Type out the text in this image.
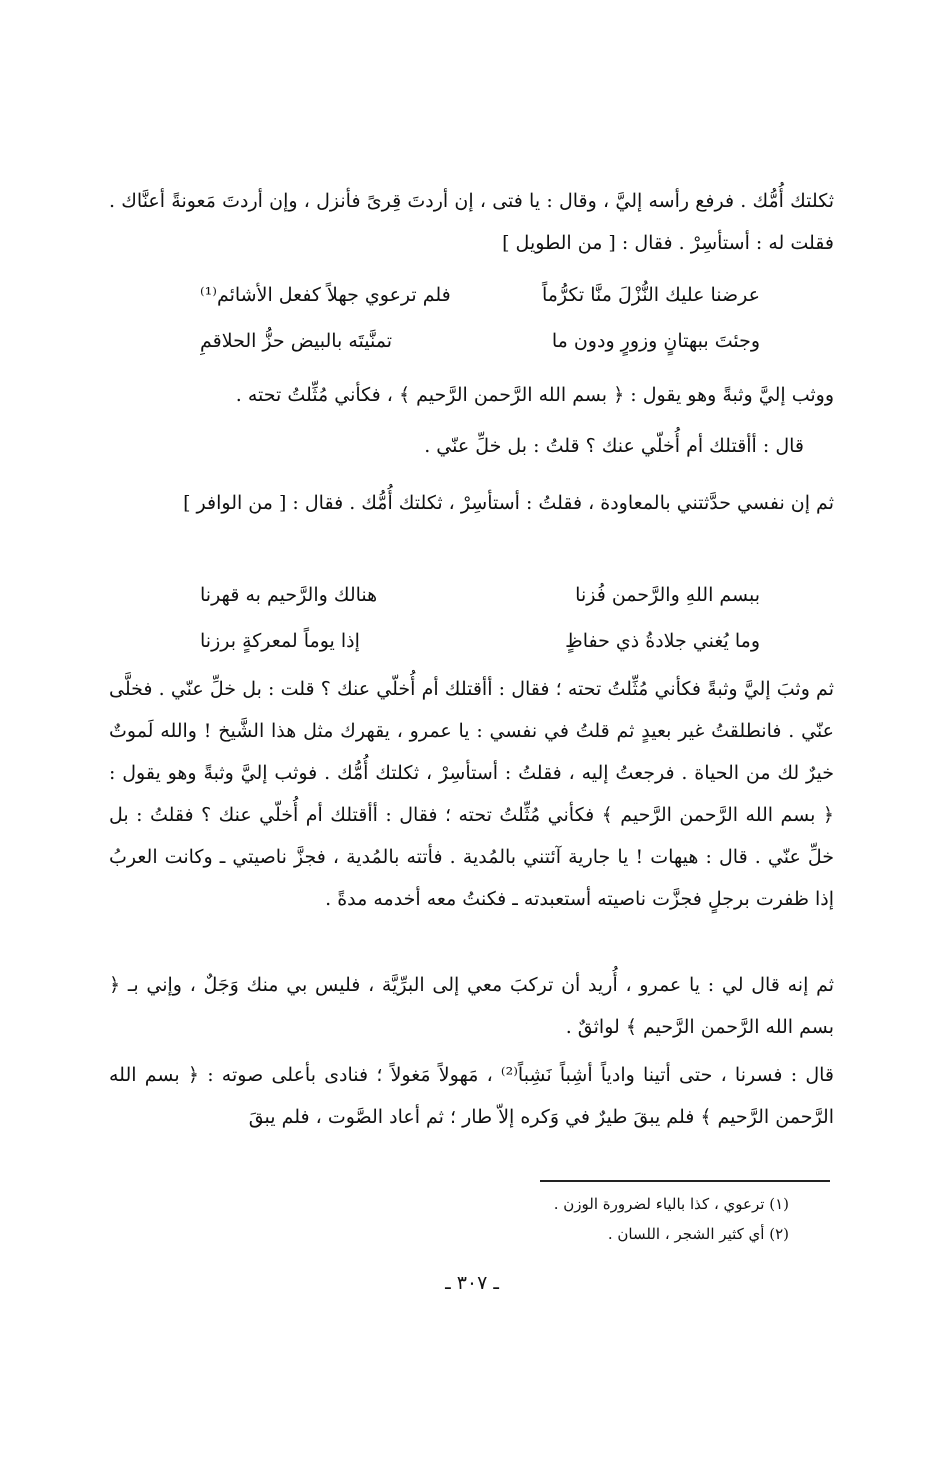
ثكلتك أُمُّك . فرفع رأسه إليَّ ، وقال : يا فتى ، إن أردتَ قِرىً فأنزل ، وإن أردتَ مَعونةً أعنَّاك . فقلت له : أستأسِرْ . فقال : [ من الطويل ]

عرضنا عليك النُّزْلَ منَّا تكرُّماً
فلم ترعوي جهلاً كفعل الأشائم⁽¹⁾
وجئتَ ببهتانٍ وزورٍ ودون ما
تمنَّيتَه بالبيض حزُّ الحلاقمِ

ووثب إليَّ وثبةً وهو يقول : ﴿ بسم الله الرَّحمن الرَّحيم ﴾ ، فكأني مُثِّلتُ تحته .

قال : أأقتلك أم أُخلّي عنك ؟ قلتُ : بل خلِّ عنّي .

ثم إن نفسي حدَّثتني بالمعاودة ، فقلتُ : أستأسِرْ ، ثكلتك أُمُّك . فقال : [ من الوافر ]

ببسم اللهِ والرَّحمن فُزنا
هنالك والرَّحيم به قهرنا
وما يُغني جلادةُ ذي حفاظٍ
إذا يوماً لمعركةٍ برزنا

ثم وثبَ إليَّ وثبةً فكأني مُثِّلتُ تحته ؛ فقال : أأقتلك أم أُخلّي عنك ؟ قلت : بل خلِّ عنّي . فخلَّى عنّي . فانطلقتُ غير بعيدٍ ثم قلتُ في نفسي : يا عمرو ، يقهرك مثل هذا الشَّيخ ! والله لَموتٌ خيرٌ لك من الحياة . فرجعتُ إليه ، فقلتُ : أستأسِرْ ، ثكلتك أُمُّك . فوثب إليَّ وثبةً وهو يقول : ﴿ بسم الله الرَّحمن الرَّحيم ﴾ فكأني مُثِّلتُ تحته ؛ فقال : أأقتلك أم أُخلّي عنك ؟ فقلتُ : بل خلِّ عنّي . قال : هيهات ! يا جارية آئتني بالمُدية . فأتته بالمُدية ، فجزَّ ناصيتي ـ وكانت العربُ إذا ظفرت برجلٍ فجزَّت ناصيته أستعبدته ـ فكنتُ معه أخدمه مدةً .

ثم إنه قال لي : يا عمرو ، أُريد أن تركبَ معي إلى البرِّيَّة ، فليس بي منك وَجَلٌ ، وإني بـ ﴿ بسم الله الرَّحمن الرَّحيم ﴾ لواثقٌ .

قال : فسرنا ، حتى أتينا وادياً أشِباً نَشِباً⁽²⁾ ، مَهولاً مَغولاً ؛ فنادى بأعلى صوته : ﴿ بسم الله الرَّحمن الرَّحيم ﴾ فلم يبقَ طيرٌ في وَكره إلاّ طار ؛ ثم أعاد الصَّوت ، فلم يبقَ

(١) ترعوي ، كذا بالياء لضرورة الوزن .
(٢) أي كثير الشجر ، اللسان .
ـ ٣٠٧ ـ
